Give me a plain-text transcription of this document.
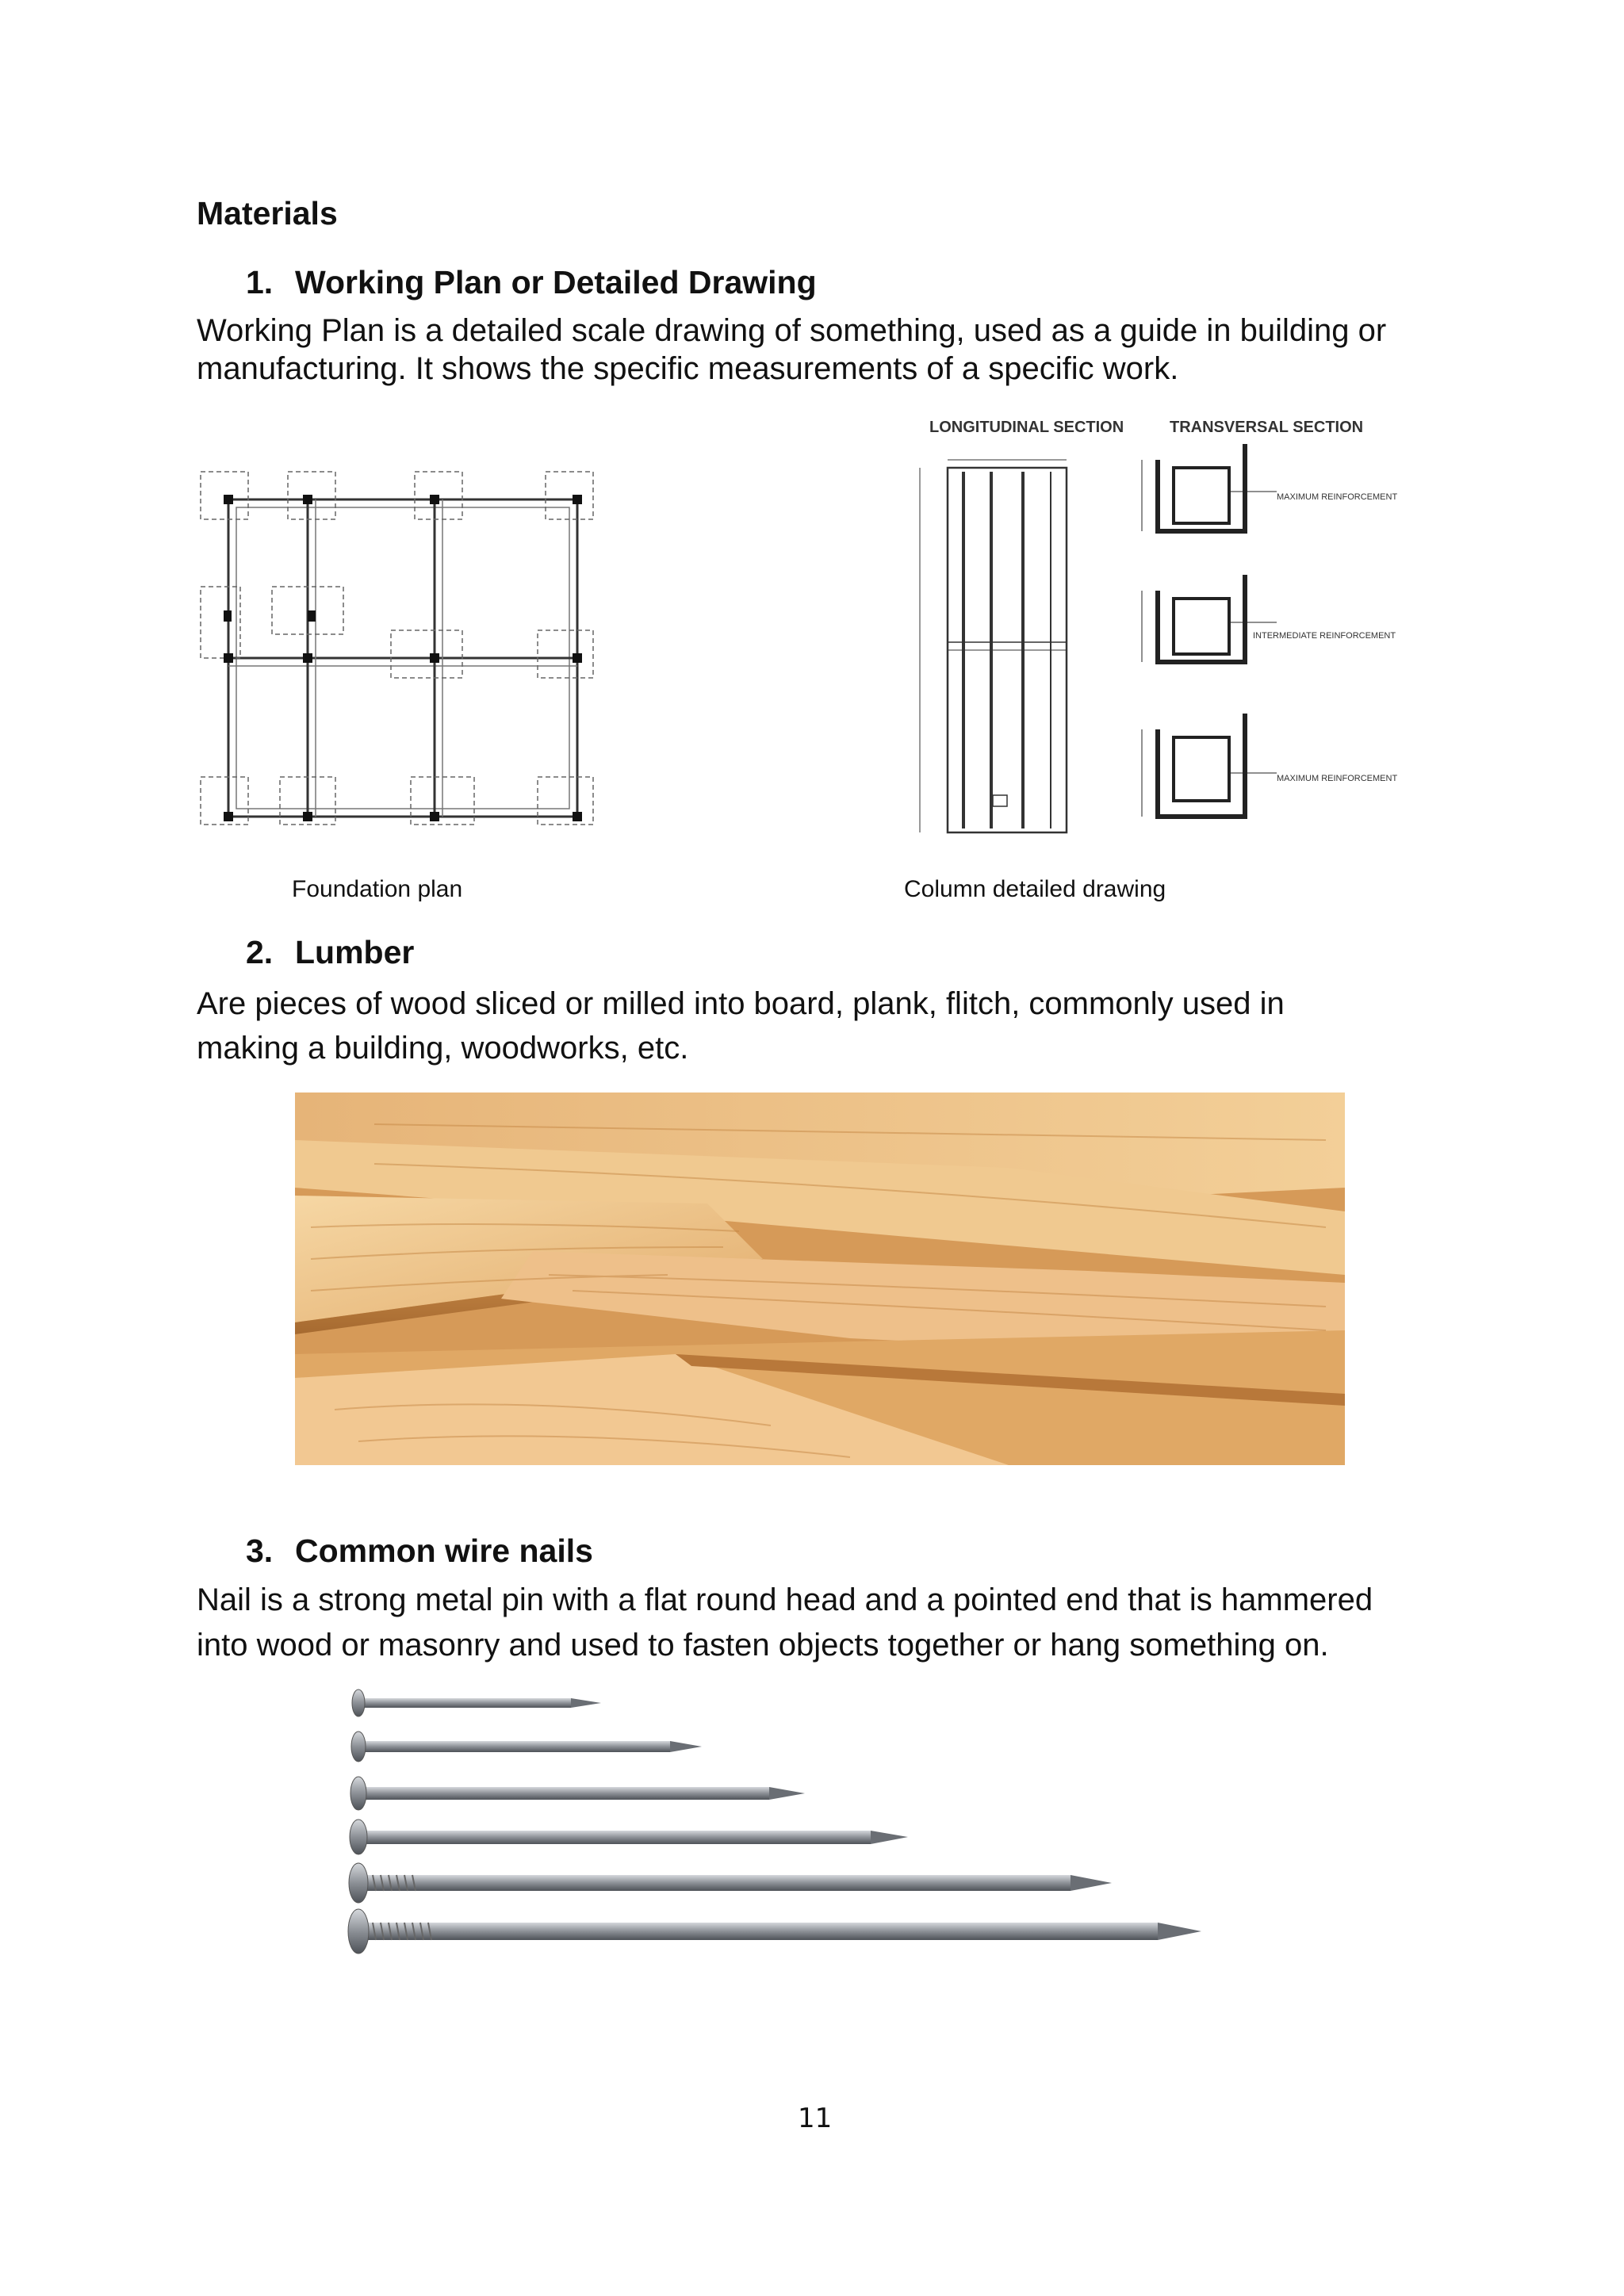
Materials
1. Working Plan or Detailed Drawing
Working Plan is a detailed scale drawing of something, used as a guide in building or
manufacturing. It shows the specific measurements of a specific work.
Foundation plan
LONGITUDINAL SECTION	TRANSVERSAL SECTION
MAXIMUM REINFORCEMENT
INTERMEDIATE REINFORCEMENT
MAXIMUM REINFORCEMENT
Column detailed drawing
2. Lumber
Are pieces of wood sliced or milled into board, plank, flitch, commonly used in
making a building, woodworks, etc.
3. Common wire nails
Nail is a strong metal pin with a flat round head and a pointed end that is hammered
into wood or masonry and used to fasten objects together or hang something on.
11
